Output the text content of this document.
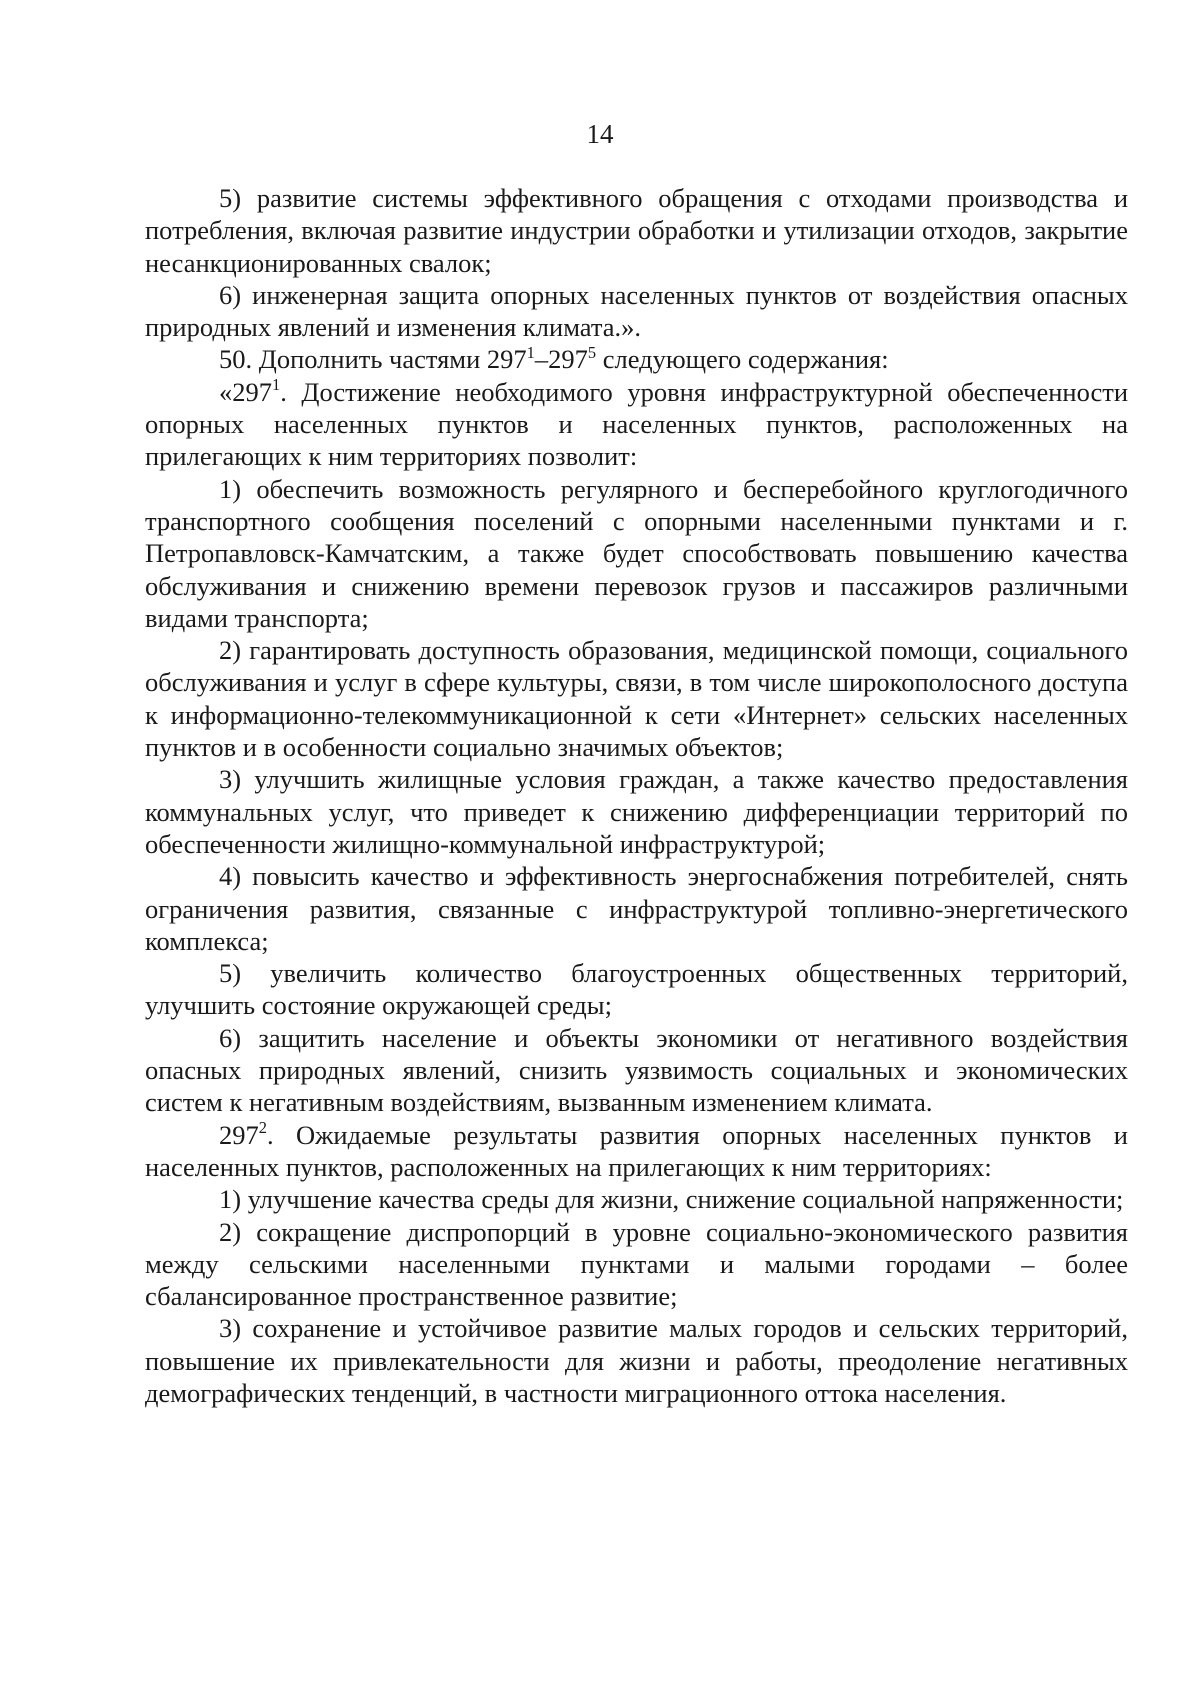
14

5) развитие системы эффективного обращения с отходами производства и потребления, включая развитие индустрии обработки и утилизации отходов, закрытие несанкционированных свалок;

6) инженерная защита опорных населенных пунктов от воздействия опасных природных явлений и изменения климата.».

50. Дополнить частями $297^1-297^5$ следующего содержания:

«$297^1$. Достижение необходимого уровня инфраструктурной обеспеченности опорных населенных пунктов и населенных пунктов, расположенных на прилегающих к ним территориях позволит:

1) обеспечить возможность регулярного и бесперебойного круглогодичного транспортного сообщения поселений с опорными населенными пунктами и г. Петропавловск-Камчатским, а также будет способствовать повышению качества обслуживания и снижению времени перевозок грузов и пассажиров различными видами транспорта;

2) гарантировать доступность образования, медицинской помощи, социального обслуживания и услуг в сфере культуры, связи, в том числе широкополосного доступа к информационно-телекоммуникационной к сети «Интернет» сельских населенных пунктов и в особенности социально значимых объектов;

3) улучшить жилищные условия граждан, а также качество предоставления коммунальных услуг, что приведет к снижению дифференциации территорий по обеспеченности жилищно-коммунальной инфраструктурой;

4) повысить качество и эффективность энергоснабжения потребителей, снять ограничения развития, связанные с инфраструктурой топливно-энергетического комплекса;

5) увеличить количество благоустроенных общественных территорий, улучшить состояние окружающей среды;

6) защитить население и объекты экономики от негативного воздействия опасных природных явлений, снизить уязвимость социальных и экономических систем к негативным воздействиям, вызванным изменением климата.

$297^2$. Ожидаемые результаты развития опорных населенных пунктов и населенных пунктов, расположенных на прилегающих к ним территориях:

1) улучшение качества среды для жизни, снижение социальной напряженности;

2) сокращение диспропорций в уровне социально-экономического развития между сельскими населенными пунктами и малыми городами – более сбалансированное пространственное развитие;

3) сохранение и устойчивое развитие малых городов и сельских территорий, повышение их привлекательности для жизни и работы, преодоление негативных демографических тенденций, в частности миграционного оттока населения.
